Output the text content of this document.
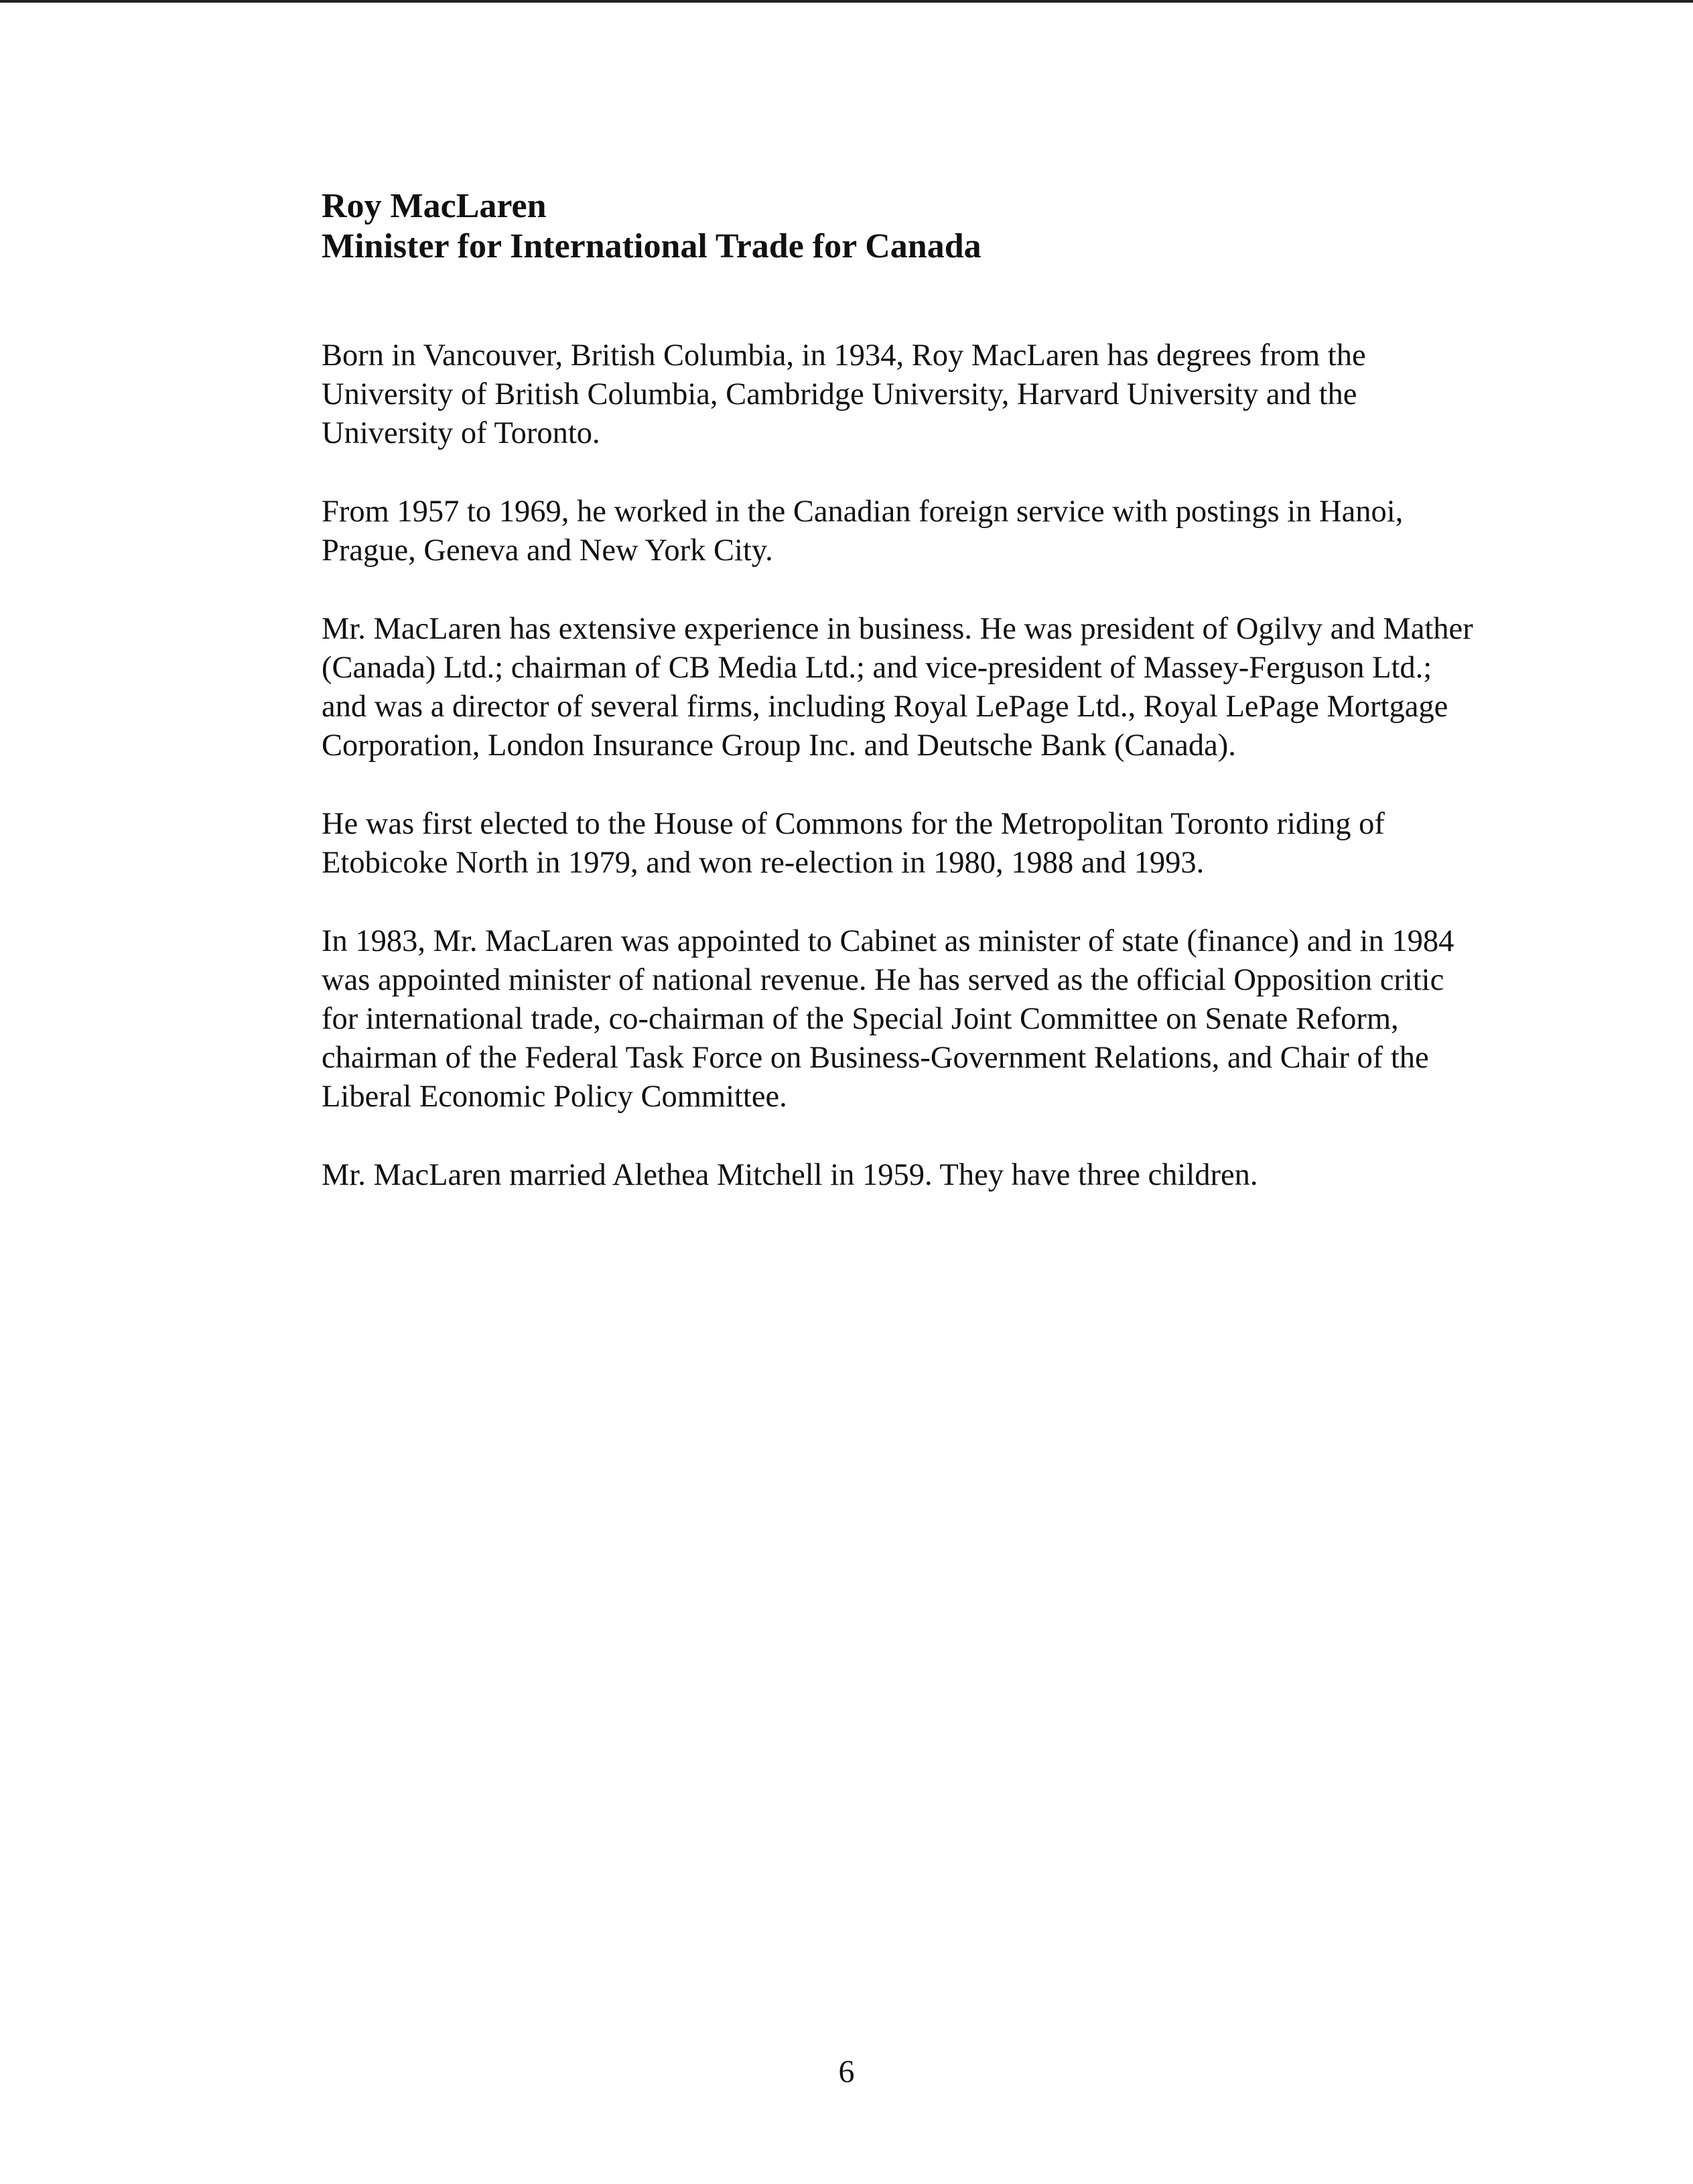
Roy MacLaren

Minister for International Trade for Canada

Born in Vancouver, British Columbia, in 1934, Roy MacLaren has degrees from the University of British Columbia, Cambridge University, Harvard University and the University of Toronto.

From 1957 to 1969, he worked in the Canadian foreign service with postings in Hanoi, Prague, Geneva and New York City.

Mr. MacLaren has extensive experience in business. He was president of Ogilvy and Mather (Canada) Ltd.; chairman of CB Media Ltd.; and vice-president of Massey-Ferguson Ltd.; and was a director of several firms, including Royal LePage Ltd., Royal LePage Mortgage Corporation, London Insurance Group Inc. and Deutsche Bank (Canada).

He was first elected to the House of Commons for the Metropolitan Toronto riding of Etobicoke North in 1979, and won re-election in 1980, 1988 and 1993.

In 1983, Mr. MacLaren was appointed to Cabinet as minister of state (finance) and in 1984 was appointed minister of national revenue. He has served as the official Opposition critic for international trade, co-chairman of the Special Joint Committee on Senate Reform, chairman of the Federal Task Force on Business-Government Relations, and Chair of the Liberal Economic Policy Committee.

Mr. MacLaren married Alethea Mitchell in 1959. They have three children.

6
